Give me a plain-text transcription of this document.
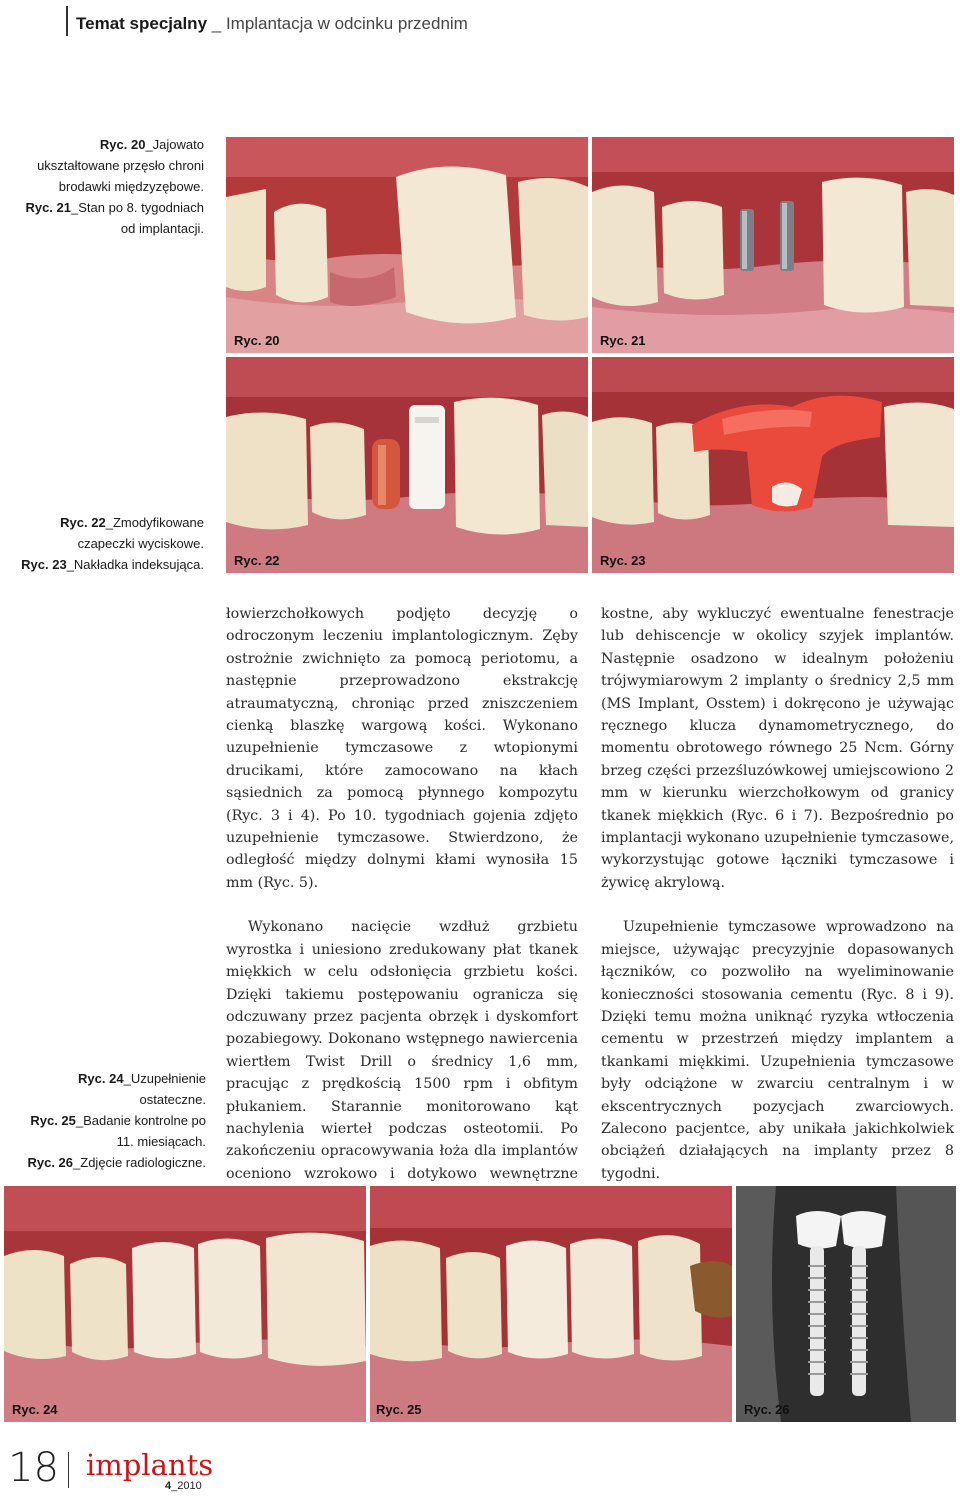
Temat specjalny _ Implantacja w odcinku przednim
Ryc. 20_Jajowato ukształtowane przęsło chroni brodawki międzyzębowe.
Ryc. 21_Stan po 8. tygodniach od implantacji.
Ryc. 22_Zmodyfikowane czapeczki wyciskowe.
Ryc. 23_Nakładka indeksująca.
Ryc. 24_Uzupełnienie ostateczne.
Ryc. 25_Badanie kontrolne po 11. miesiącach.
Ryc. 26_Zdjęcie radiologiczne.
Ryc. 20	Ryc. 21
Ryc. 22	Ryc. 23

łowierzchołkowych podjęto decyzję o odroczonym leczeniu implantologicznym. Zęby ostrożnie zwichnięto za pomocą periotomu, a następnie przeprowadzono ekstrakcję atraumatyczną, chroniąc przed zniszczeniem cienką blaszkę wargową kości. Wykonano uzupełnienie tymczasowe z wtopionymi drucikami, które zamocowano na kłach sąsiednich za pomocą płynnego kompozytu (Ryc. 3 i 4). Po 10. tygodniach gojenia zdjęto uzupełnienie tymczasowe. Stwierdzono, że odległość między dolnymi kłami wynosiła 15 mm (Ryc. 5).

Wykonano nacięcie wzdłuż grzbietu wyrostka i uniesiono zredukowany płat tkanek miękkich w celu odsłonięcia grzbietu kości. Dzięki takiemu postępowaniu ogranicza się odczuwany przez pacjenta obrzęk i dyskomfort pozabiegowy. Dokonano wstępnego nawiercenia wiertłem Twist Drill o średnicy 1,6 mm, pracując z prędkością 1500 rpm i obfitym płukaniem. Starannie monitorowano kąt nachylenia wierteł podczas osteotomii. Po zakończeniu opracowywania łoża dla implantów oceniono wzrokowo i dotykowo wewnętrzne

kostne, aby wykluczyć ewentualne fenestracje lub dehiscencje w okolicy szyjek implantów. Następnie osadzono w idealnym położeniu trójwymiarowym 2 implanty o średnicy 2,5 mm (MS Implant, Osstem) i dokręcono je używając ręcznego klucza dynamometrycznego, do momentu obrotowego równego 25 Ncm. Górny brzeg części przezśluzówkowej umiejscowiono 2 mm w kierunku wierzchołkowym od granicy tkanek miękkich (Ryc. 6 i 7). Bezpośrednio po implantacji wykonano uzupełnienie tymczasowe, wykorzystując gotowe łączniki tymczasowe i żywicę akrylową.

Uzupełnienie tymczasowe wprowadzono na miejsce, używając precyzyjnie dopasowanych łączników, co pozwoliło na wyeliminowanie konieczności stosowania cementu (Ryc. 8 i 9). Dzięki temu można uniknąć ryzyka wtłoczenia cementu w przestrzeń między implantem a tkankami miękkimi. Uzupełnienia tymczasowe były odciążone w zwarciu centralnym i w ekscentrycznych pozycjach zwarciowych. Zalecono pacjentce, aby unikała jakichkolwiek obciążeń działających na implanty przez 8 tygodni.

Ryc. 24	Ryc. 25	Ryc. 26
18 implants
4_2010
